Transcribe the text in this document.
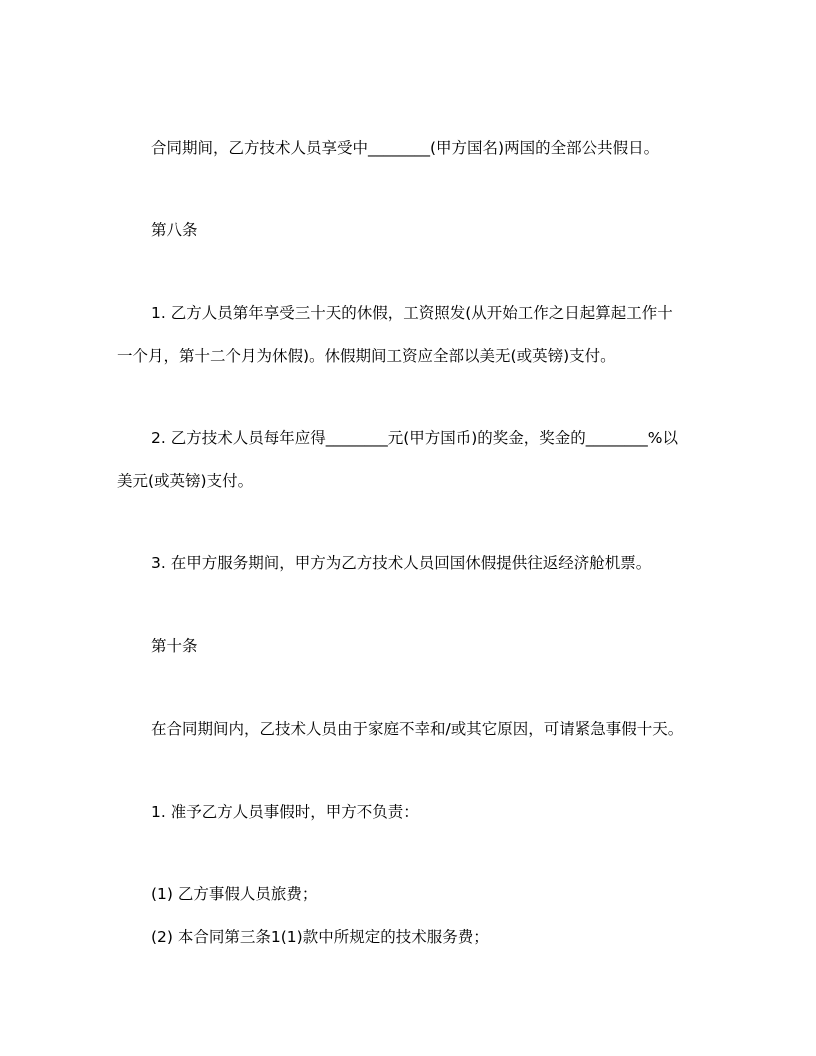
合同期间，乙方技术人员享受中________(甲方国名)两国的全部公共假日。
第八条
1. 乙方人员第年享受三十天的休假，工资照发(从开始工作之日起算起工作十
一个月，第十二个月为休假)。休假期间工资应全部以美无(或英镑)支付。
2. 乙方技术人员每年应得________元(甲方国币)的奖金，奖金的________%以
美元(或英镑)支付。
3. 在甲方服务期间，甲方为乙方技术人员回国休假提供往返经济舱机票。
第十条
在合同期间内，乙技术人员由于家庭不幸和/或其它原因，可请紧急事假十天。
1. 准予乙方人员事假时，甲方不负责：
(1) 乙方事假人员旅费；
(2) 本合同第三条1(1)款中所规定的技术服务费；
